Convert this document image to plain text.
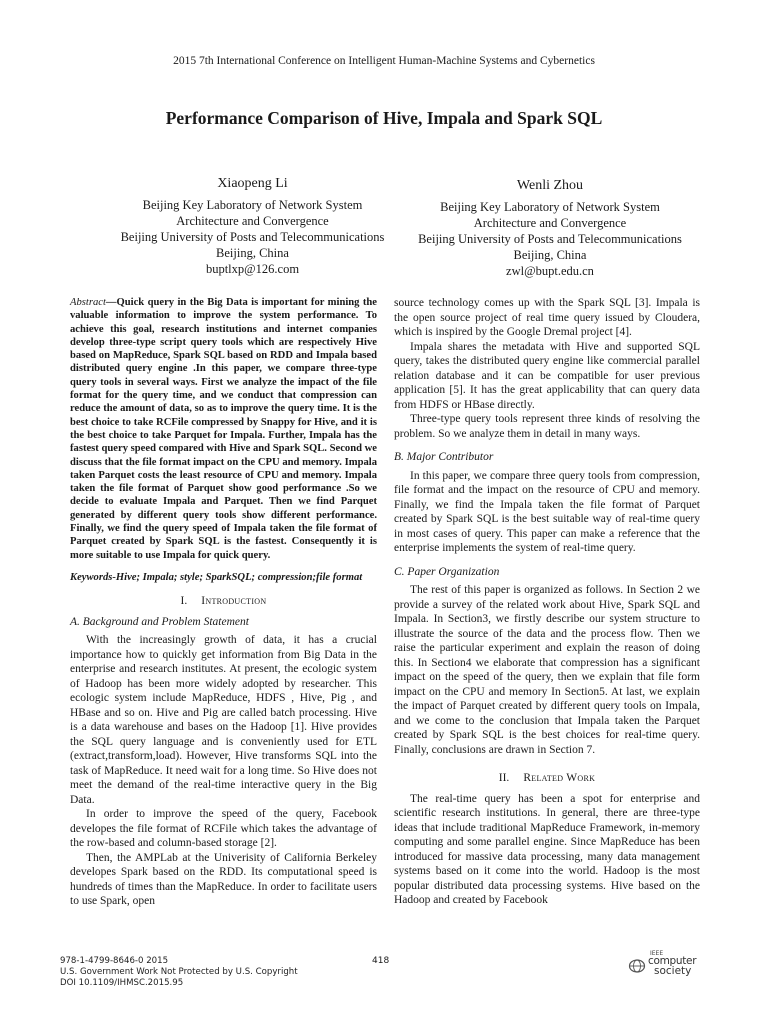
2015 7th International Conference on Intelligent Human-Machine Systems and Cybernetics
Performance Comparison of Hive, Impala and Spark SQL
Xiaopeng Li
Beijing Key Laboratory of Network System
Architecture and Convergence
Beijing University of Posts and Telecommunications
Beijing, China
buptlxp@126.com
Wenli Zhou
Beijing Key Laboratory of Network System
Architecture and Convergence
Beijing University of Posts and Telecommunications
Beijing, China
zwl@bupt.edu.cn

Abstract—Quick query in the Big Data is important for mining the valuable information to improve the system performance. To achieve this goal, research institutions and internet companies develop three-type script query tools which are respectively Hive based on MapReduce, Spark SQL based on RDD and Impala based distributed query engine .In this paper, we compare three-type query tools in several ways. First we analyze the impact of the file format for the query time, and we conduct that compression can reduce the amount of data, so as to improve the query time. It is the best choice to take RCFile compressed by Snappy for Hive, and it is the best choice to take Parquet for Impala. Further, Impala has the fastest query speed compared with Hive and Spark SQL. Second we discuss that the file format impact on the CPU and memory. Impala taken Parquet costs the least resource of CPU and memory. Impala taken the file format of Parquet show good performance .So we decide to evaluate Impala and Parquet. Then we find Parquet generated by different query tools show different performance. Finally, we find the query speed of Impala taken the file format of Parquet created by Spark SQL is the fastest. Consequently it is more suitable to use Impala for quick query.

Keywords-Hive; Impala; style; SparkSQL; compression;file format

I. Introduction
A. Background and Problem Statement

With the increasingly growth of data, it has a crucial importance how to quickly get information from Big Data in the enterprise and research institutes. At present, the ecologic system of Hadoop has been more widely adopted by researcher. This ecologic system include MapReduce, HDFS , Hive, Pig , and HBase and so on. Hive and Pig are called batch processing. Hive is a data warehouse and bases on the Hadoop [1]. Hive provides the SQL query language and is conveniently used for ETL (extract,transform,load). However, Hive transforms SQL into the task of MapReduce. It need wait for a long time. So Hive does not meet the demand of the real-time interactive query in the Big Data.

In order to improve the speed of the query, Facebook developes the file format of RCFile which takes the advantage of the row-based and column-based storage [2].

Then, the AMPLab at the Univerisity of California Berkeley developes Spark based on the RDD. Its computational speed is hundreds of times than the MapReduce. In order to facilitate users to use Spark, open

source technology comes up with the Spark SQL [3]. Impala is the open source project of real time query issued by Cloudera, which is inspired by the Google Dremal project [4].

Impala shares the metadata with Hive and supported SQL query, takes the distributed query engine like commercial parallel relation database and it can be compatible for user previous application [5]. It has the great applicability that can query data from HDFS or HBase directly.

Three-type query tools represent three kinds of resolving the problem. So we analyze them in detail in many ways.

B. Major Contributor

In this paper, we compare three query tools from compression, file format and the impact on the resource of CPU and memory. Finally, we find the Impala taken the file format of Parquet created by Spark SQL is the best suitable way of real-time query in most cases of query. This paper can make a reference that the enterprise implements the system of real-time query.

C. Paper Organization

The rest of this paper is organized as follows. In Section 2 we provide a survey of the related work about Hive, Spark SQL and Impala. In Section3, we firstly describe our system structure to illustrate the source of the data and the process flow. Then we raise the particular experiment and explain the reason of doing this. In Section4 we elaborate that compression has a significant impact on the speed of the query, then we explain that file form impact on the CPU and memory In Section5. At last, we explain the impact of Parquet created by different query tools on Impala, and we come to the conclusion that Impala taken the Parquet created by Spark SQL is the best choices for real-time query. Finally, conclusions are drawn in Section 7.

II. Related Work

The real-time query has been a spot for enterprise and scientific research institutions. In general, there are three-type ideas that include traditional MapReduce Framework, in-memory computing and some parallel engine. Since MapReduce has been introduced for massive data processing, many data management systems based on it come into the world. Hadoop is the most popular distributed data processing systems. Hive based on the Hadoop and created by Facebook

978-1-4799-8646-0 2015
U.S. Government Work Not Protected by U.S. Copyright
DOI 10.1109/IHMSC.2015.95
418
IEEE
computer
society
